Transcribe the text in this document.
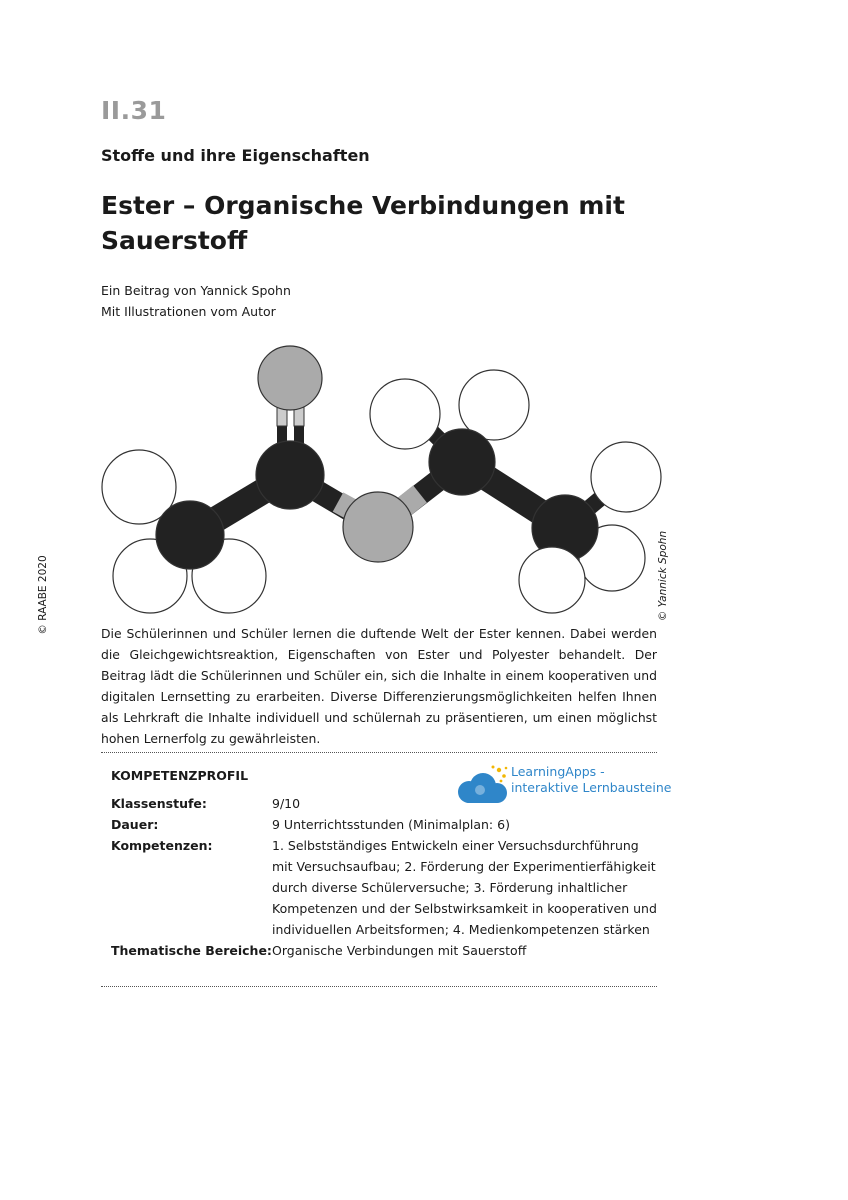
II.31
Stoffe und ihre Eigenschaften
Ester – Organische Verbindungen mit Sauerstoff
Ein Beitrag von Yannick Spohn
Mit Illustrationen vom Autor
© RAABE 2020	© Yannick Spohn
Die Schülerinnen und Schüler lernen die duftende Welt der Ester kennen. Dabei werden die Gleichgewichtsreaktion, Eigenschaften von Ester und Polyester behandelt. Der Beitrag lädt die Schülerinnen und Schüler ein, sich die Inhalte in einem kooperativen und digitalen Lernsetting zu erarbeiten. Diverse Differenzierungsmöglichkeiten helfen Ihnen als Lehrkraft die Inhalte individuell und schülernah zu präsentieren, um einen möglichst hohen Lernerfolg zu gewährleisten.
KOMPETENZPROFIL
Klassenstufe:	9/10
Dauer:	9 Unterrichtsstunden (Minimalplan: 6)
Kompetenzen:	1. Selbstständiges Entwickeln einer Versuchsdurchführung mit Versuchsaufbau; 2. Förderung der Experimentierfähigkeit durch diverse Schülerversuche; 3. Förderung inhaltlicher Kompetenzen und der Selbstwirksamkeit in kooperativen und individuellen Arbeitsformen; 4. Medienkompetenzen stärken
Thematische Bereiche: Organische Verbindungen mit Sauerstoff
LearningApps -
interaktive Lernbausteine
